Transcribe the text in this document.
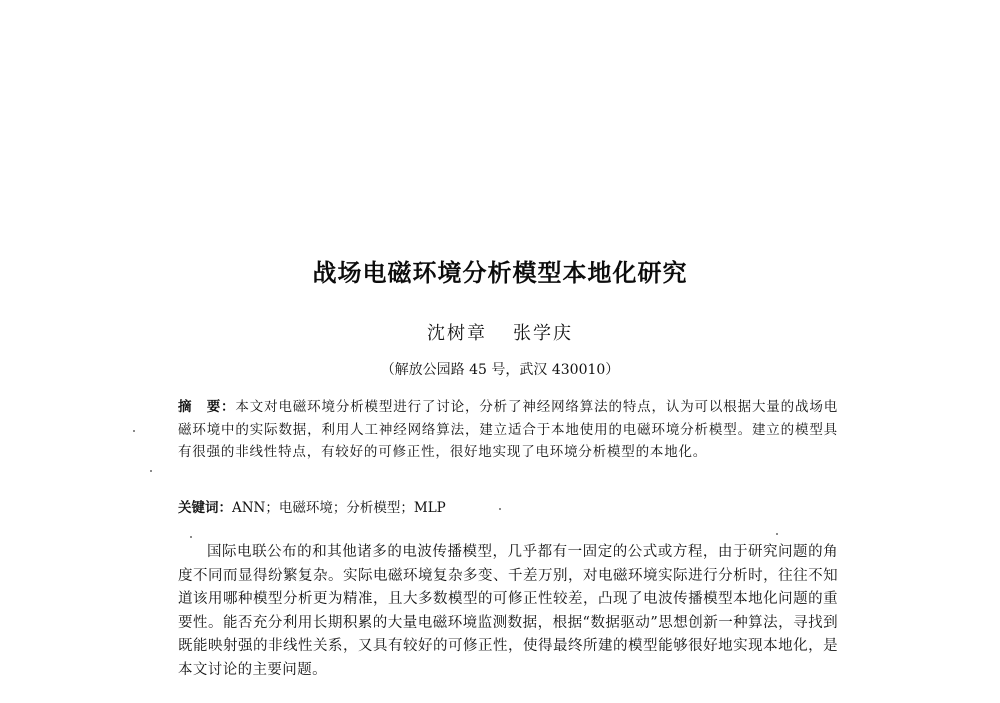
战场电磁环境分析模型本地化研究
沈树章 张学庆
（解放公园路 45 号，武汉 430010）
摘　要：本文对电磁环境分析模型进行了讨论，分析了神经网络算法的特点，认为可以根据大量的战场电磁环境中的实际数据，利用人工神经网络算法，建立适合于本地使用的电磁环境分析模型。建立的模型具有很强的非线性特点，有较好的可修正性，很好地实现了电环境分析模型的本地化。
关键词：ANN；电磁环境；分析模型；MLP
国际电联公布的和其他诸多的电波传播模型，几乎都有一固定的公式或方程，由于研究问题的角度不同而显得纷繁复杂。实际电磁环境复杂多变、千差万别，对电磁环境实际进行分析时，往往不知道该用哪种模型分析更为精准，且大多数模型的可修正性较差，凸现了电波传播模型本地化问题的重要性。能否充分利用长期积累的大量电磁环境监测数据，根据“数据驱动”思想创新一种算法，寻找到既能映射强的非线性关系，又具有较好的可修正性，使得最终所建的模型能够很好地实现本地化，是本文讨论的主要问题。
